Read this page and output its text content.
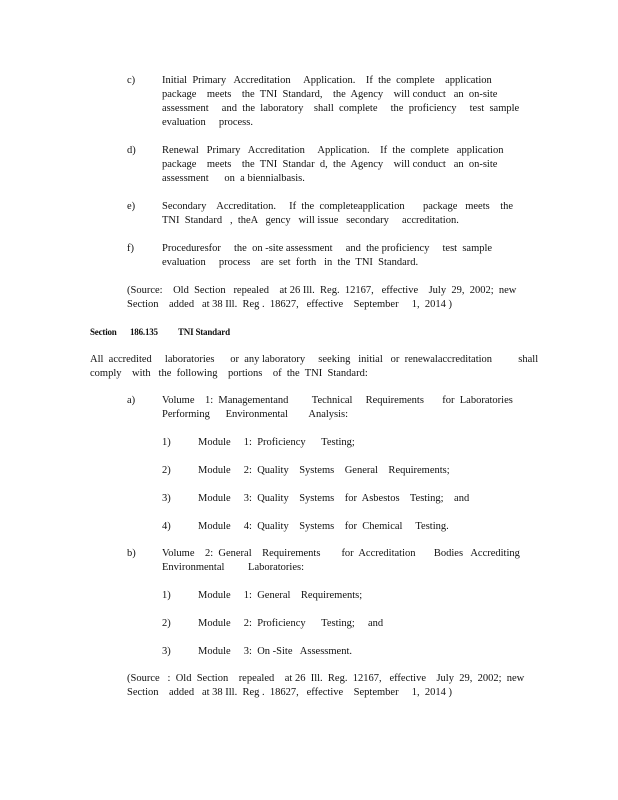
c)	Initial  Primary   Accreditation     Application.    If  the  complete    application
package    meets    the  TNI  Standard,    the  Agency    will conduct   an  on-site
assessment     and  the  laboratory    shall  complete     the  proficiency     test  sample
evaluation     process.
d)	Renewal   Primary   Accreditation     Application.    If  the  complete   application
package    meets    the  TNI  Standar  d,  the  Agency    will conduct   an  on-site
assessment      on  a biennialbasis.
e)	Secondary    Accreditation.     If  the  completeapplication       package   meets    the
TNI  Standard   ,  theA   gency   will issue   secondary     accreditation.
f)	Proceduresfor     the  on -site assessment     and  the proficiency     test  sample
evaluation     process    are  set  forth   in  the  TNI  Standard.
(Source:    Old  Section   repealed    at 26 Ill.  Reg.  12167,   effective    July  29,  2002;  new
Section    added   at 38 Ill.  Reg .  18627,   effective    September     1,  2014 )
Section 186.135 TNI Standard
All  accredited     laboratories      or  any laboratory     seeking   initial   or  renewalaccreditation          shall
comply    with   the  following    portions    of  the  TNI  Standard:
a)	Volume    1:  Managementand         Technical     Requirements       for  Laboratories
Performing      Environmental        Analysis:
1)	Module     1:  Proficiency      Testing;
2)	Module     2:  Quality    Systems    General    Requirements;
3)	Module     3:  Quality    Systems    for  Asbestos    Testing;    and
4)	Module     4:  Quality    Systems    for  Chemical     Testing.
b)	Volume    2:  General    Requirements        for  Accreditation       Bodies   Accrediting
Environmental         Laboratories:
1)	Module     1:  General    Requirements;
2)	Module     2:  Proficiency      Testing;     and
3)	Module     3:  On -Site   Assessment.
(Source   :  Old  Section    repealed    at 26  Ill.  Reg.  12167,   effective    July  29,  2002;  new
Section    added   at 38 Ill.  Reg .  18627,   effective    September     1,  2014 )
